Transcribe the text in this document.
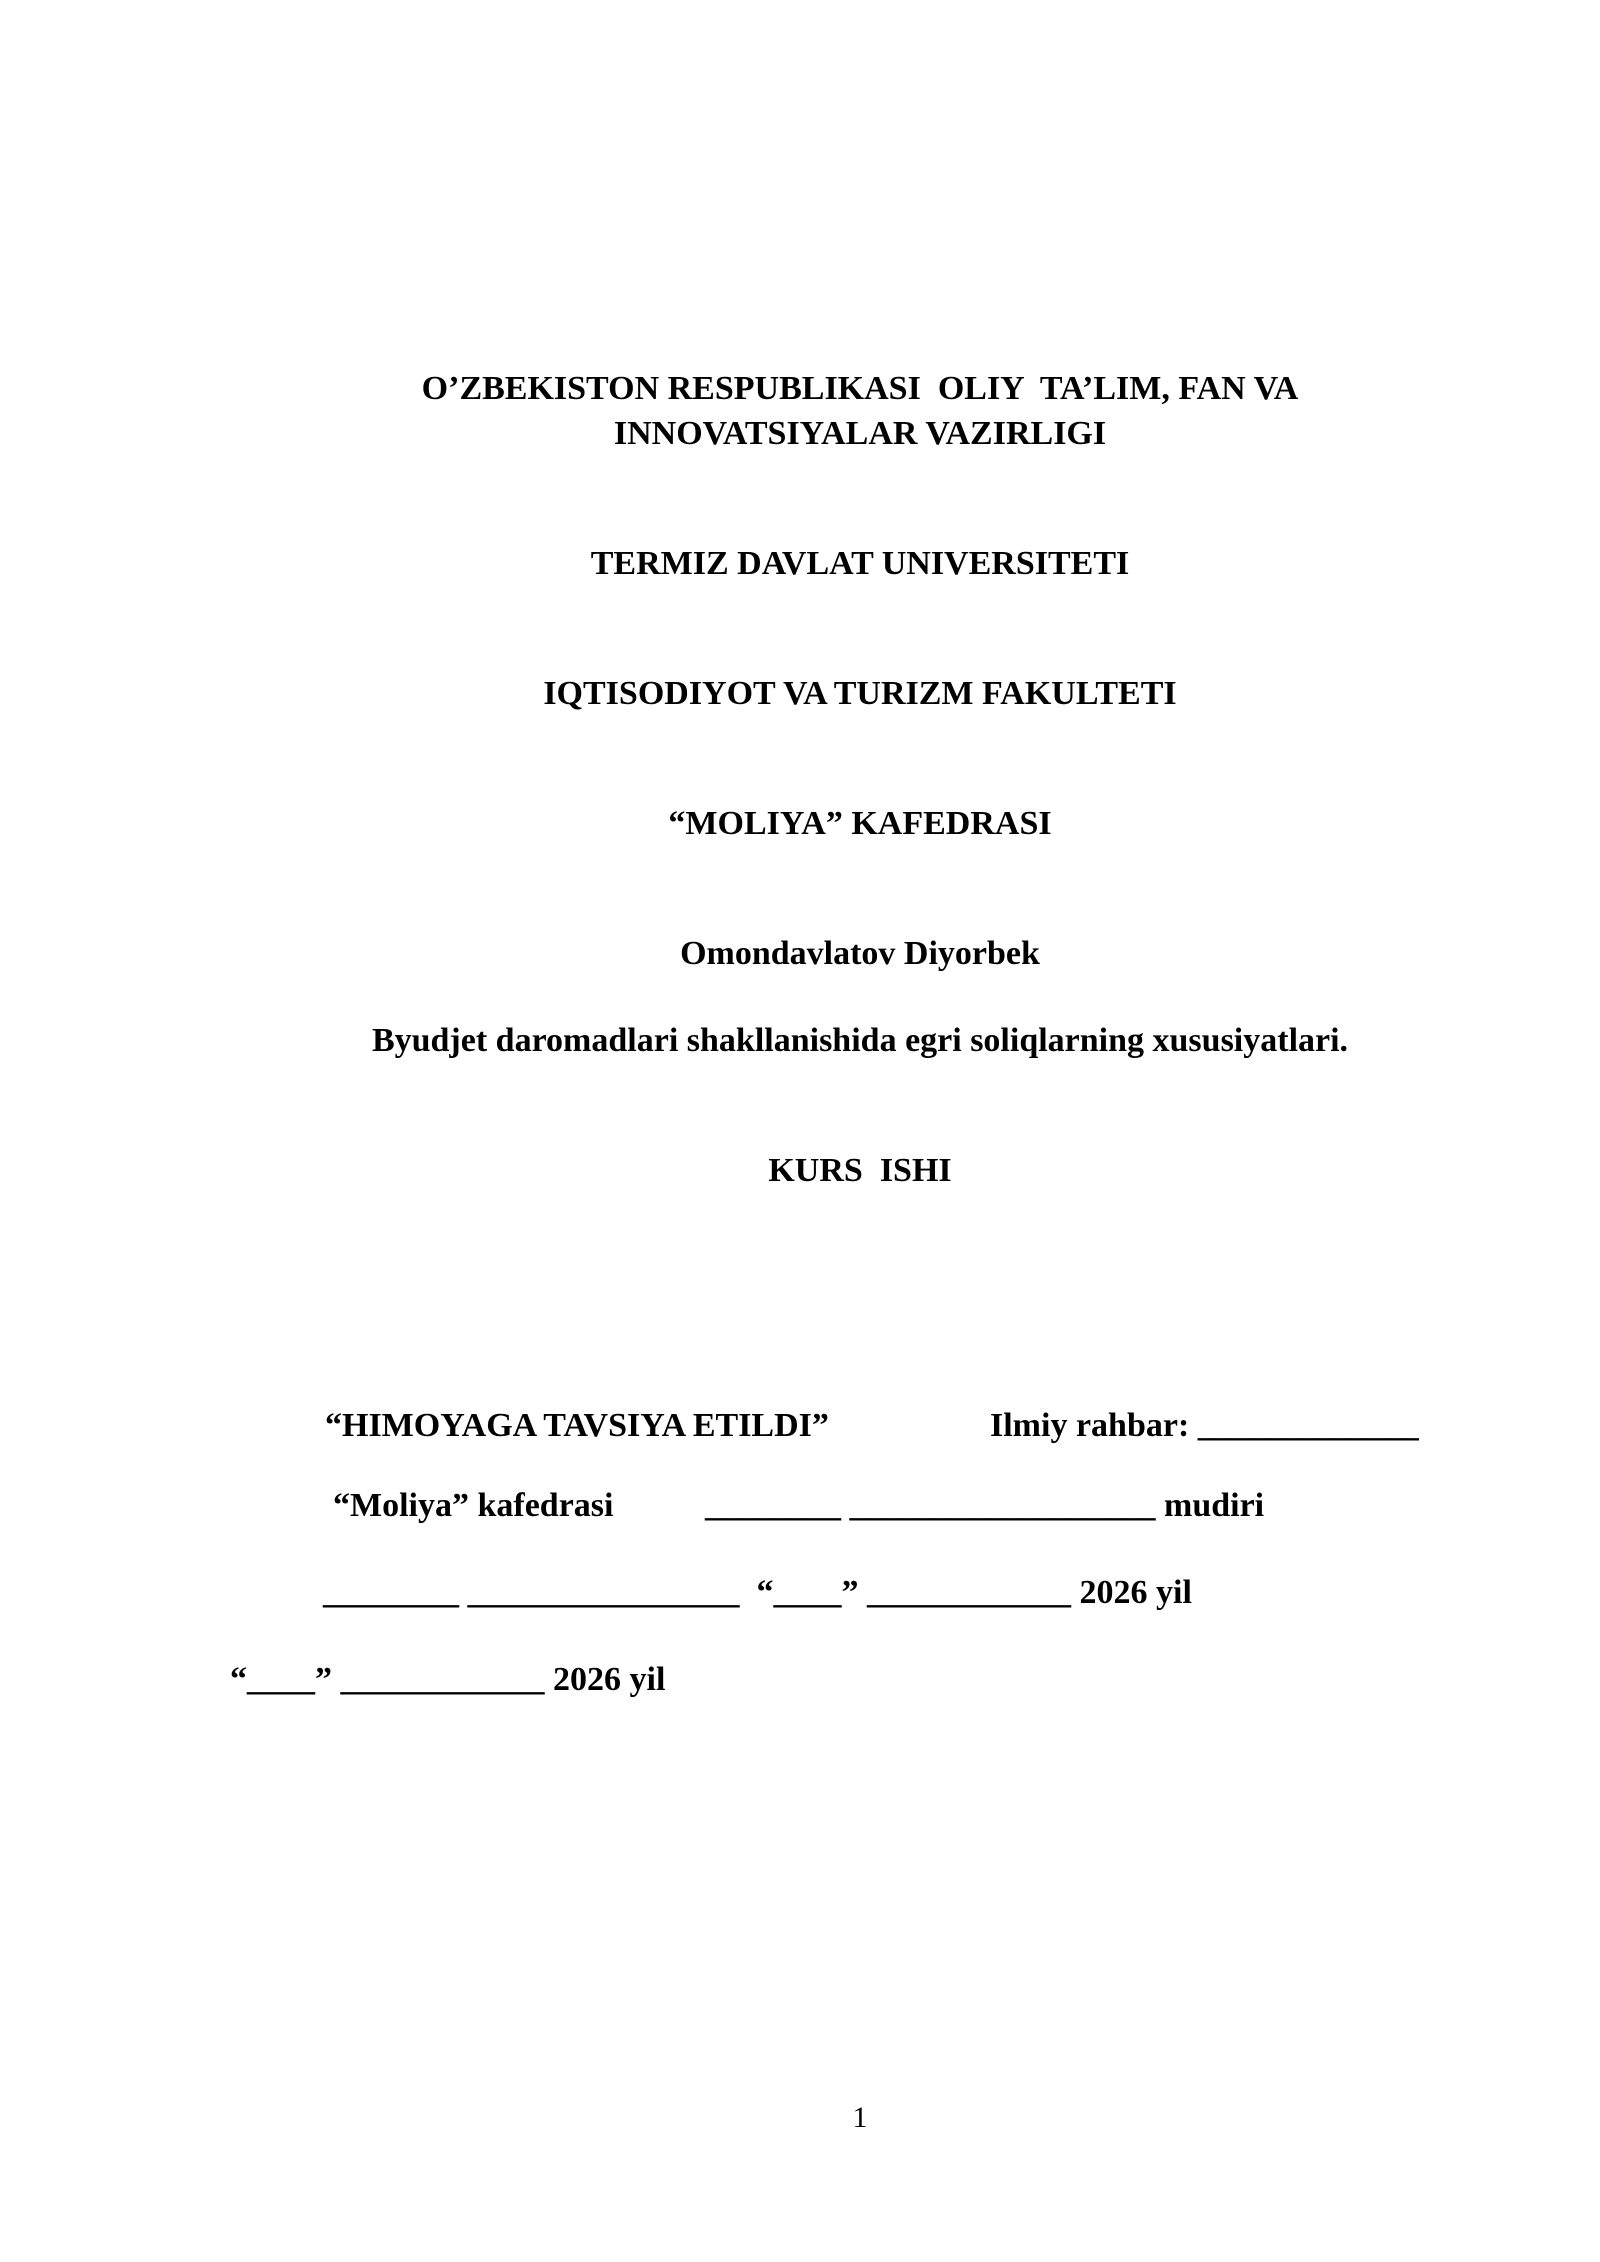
O’ZBEKISTON RESPUBLIKASI  OLIY  TA’LIM, FAN VA
INNOVATSIYALAR VAZIRLIGI
TERMIZ DAVLAT UNIVERSITETI
IQTISODIYOT VA TURIZM FAKULTETI
“MOLIYA” KAFEDRASI
Omondavlatov Diyorbek
Byudjet daromadlari shakllanishida egri soliqlarning xususiyatlari.
KURS  ISHI
“HIMOYAGA TAVSIYA ETILDI”	Ilmiy rahbar: _____________
“Moliya” kafedrasi	________ __________________ mudiri
________ ________________  “____” ____________ 2026 yil
“____” ____________ 2026 yil
1
